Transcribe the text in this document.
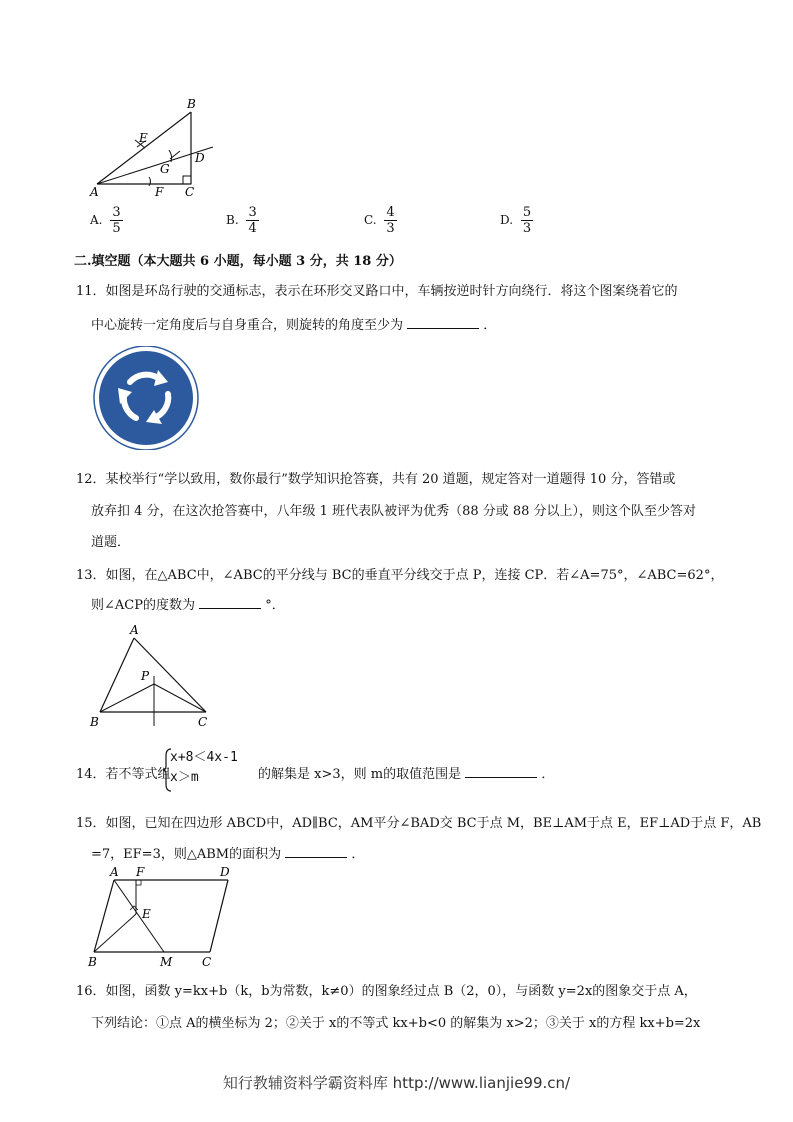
B
E
G
D
A	F C
A. $\frac{3}{5}$	B. $\frac{3}{4}$	C. $\frac{4}{3}$	D. $\frac{5}{3}$
二.填空题（本大题共 6 小题，每小题 3 分，共 18 分）
11．如图是环岛行驶的交通标志，表示在环形交叉路口中，车辆按逆时针方向绕行．将这个图案绕着它的
中心旋转一定角度后与自身重合，则旋转的角度至少为	．
12．某校举行“学以致用，数你最行”数学知识抢答赛，共有 20 道题，规定答对一道题得 10 分，答错或
放弃扣 4 分，在这次抢答赛中，八年级 1 班代表队被评为优秀（88 分或 88 分以上），则这个队至少答对
道题．
13．如图，在△ABC中，∠ABC的平分线与 BC的垂直平分线交于点 P，连接 CP．若∠A=75°，∠ABC=62°，
则∠ACP的度数为	°．
A
P
B	C
14．若不等式组
x+8＜4x-1
x＞m	的解集是 x>3，则 m的取值范围是	．
15．如图，已知在四边形 ABCD中，AD∥BC，AM平分∠BAD交 BC于点 M，BE⊥AM于点 E，EF⊥AD于点 F，AB
=7，EF=3，则△ABM的面积为	．
A F	D
E
B	M C
16．如图，函数 y=kx+b（k，b为常数，k≠0）的图象经过点 B（2，0），与函数 y=2x的图象交于点 A，
下列结论：①点 A的横坐标为 2；②关于 x的不等式 kx+b<0 的解集为 x>2；③关于 x的方程 kx+b=2x
知行教辅资料学霸资料库 http://www.lianjie99.cn/
